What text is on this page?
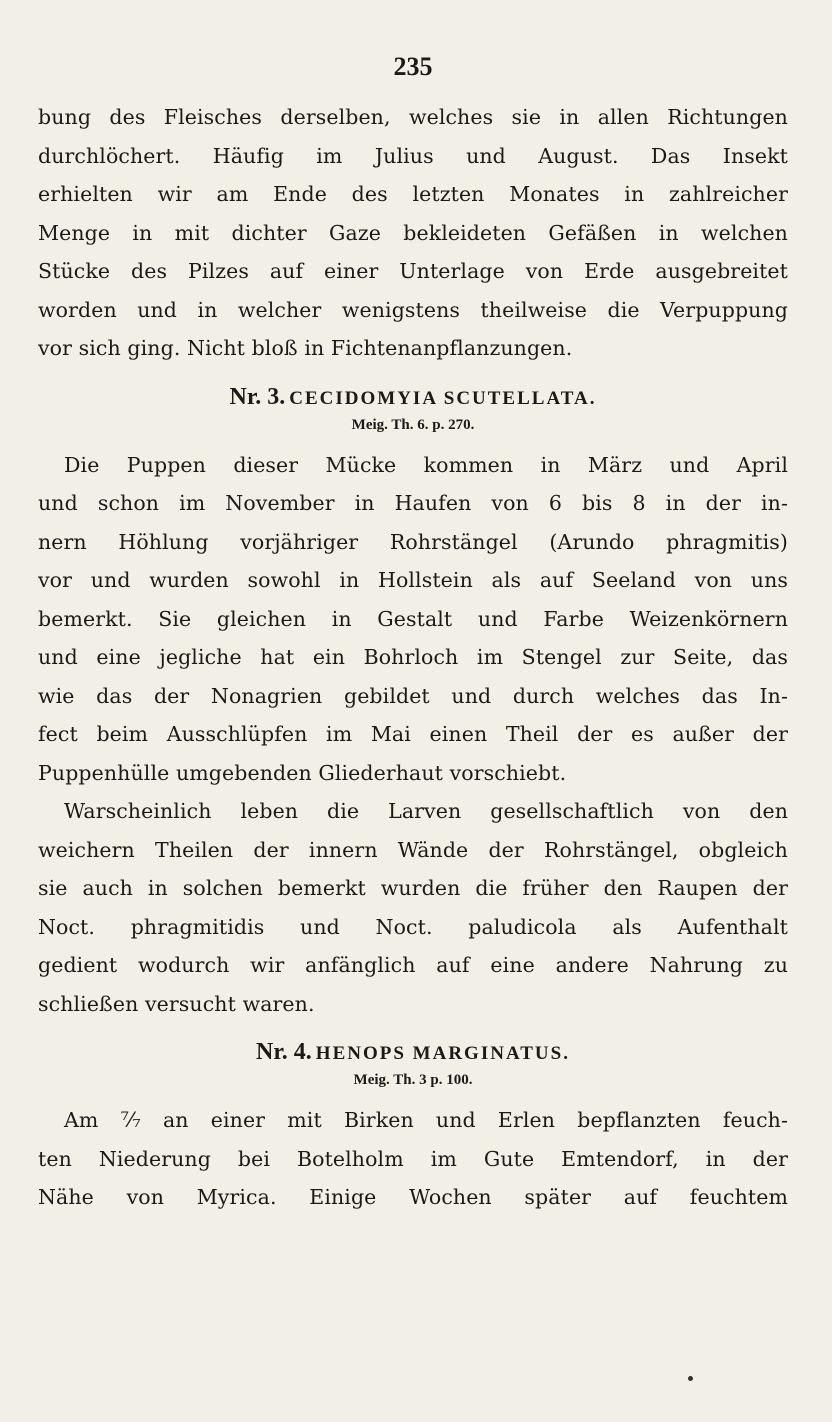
235

bung des Fleisches derselben, welches sie in allen Richtungen
durchlöchert. Häufig im Julius und August. Das Insekt
erhielten wir am Ende des letzten Monates in zahlreicher
Menge in mit dichter Gaze bekleideten Gefäßen in welchen
Stücke des Pilzes auf einer Unterlage von Erde ausgebreitet
worden und in welcher wenigstens theilweise die Verpuppung
vor sich ging. Nicht bloß in Fichtenanpflanzungen.

Nr. 3. CECIDOMYIA SCUTELLATA.
Meig. Th. 6. p. 270.

Die Puppen dieser Mücke kommen in März und April
und schon im November in Haufen von 6 bis 8 in der in-
nern Höhlung vorjähriger Rohrstängel (Arundo phragmitis)
vor und wurden sowohl in Hollstein als auf Seeland von uns
bemerkt. Sie gleichen in Gestalt und Farbe Weizenkörnern
und eine jegliche hat ein Bohrloch im Stengel zur Seite, das
wie das der Nonagrien gebildet und durch welches das In-
fect beim Ausschlüpfen im Mai einen Theil der es außer der
Puppenhülle umgebenden Gliederhaut vorschiebt.
Warscheinlich leben die Larven gesellschaftlich von den
weichern Theilen der innern Wände der Rohrstängel, obgleich
sie auch in solchen bemerkt wurden die früher den Raupen der
Noct. phragmitidis und Noct. paludicola als Aufenthalt
gedient wodurch wir anfänglich auf eine andere Nahrung zu
schließen versucht waren.

Nr. 4. HENOPS MARGINATUS.
Meig. Th. 3 p. 100.

Am ⁷⁄₇ an einer mit Birken und Erlen bepflanzten feuch-
ten Niederung bei Botelholm im Gute Emtendorf, in der
Nähe von Myrica. Einige Wochen später auf feuchtem
